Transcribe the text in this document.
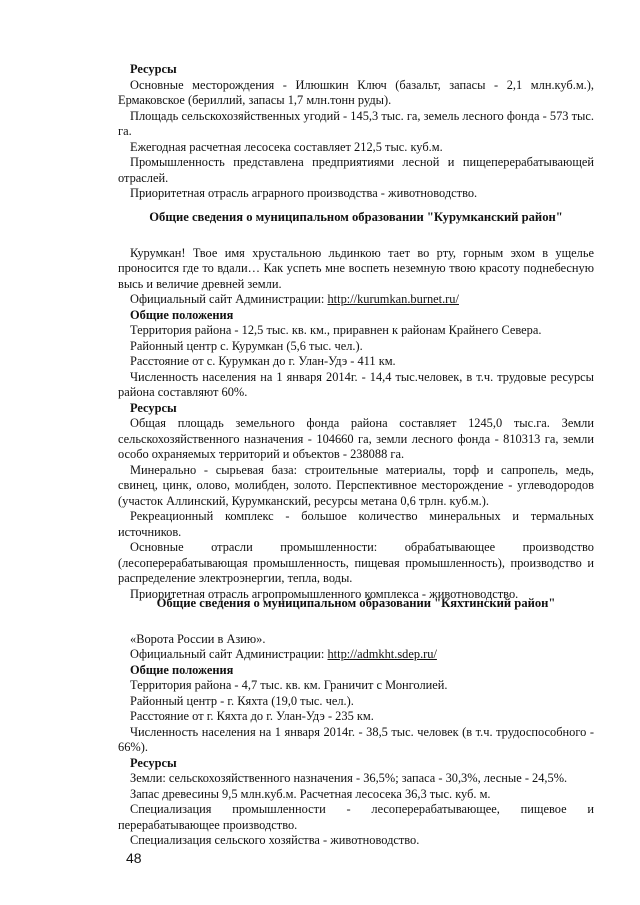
Ресурсы

Основные месторождения - Илюшкин Ключ (базальт, запасы - 2,1 млн.куб.м.), Ермаковское (бериллий, запасы 1,7 млн.тонн руды).

Площадь сельскохозяйственных угодий - 145,3 тыс. га, земель лесного фонда - 573 тыс. га.

Ежегодная расчетная лесосека составляет 212,5 тыс. куб.м.

Промышленность представлена предприятиями лесной и пищеперерабатывающей отраслей.

Приоритетная отрасль аграрного производства - животноводство.

Общие сведения о муниципальном образовании "Курумканский район"

Курумкан! Твое имя хрустальною льдинкою тает во рту, горным эхом в ущелье проносится где то вдали… Как успеть мне воспеть неземную твою красоту поднебесную высь и величие древней земли.

Официальный сайт Администрации: http://kurumkan.burnet.ru/

Общие положения

Территория района - 12,5 тыс. кв. км., приравнен к районам Крайнего Севера.

Районный центр с. Курумкан (5,6 тыс. чел.).

Расстояние от с. Курумкан до г. Улан-Удэ - 411 км.

Численность населения на 1 января 2014г. - 14,4 тыс.человек, в т.ч. трудовые ресурсы района составляют 60%.

Ресурсы

Общая площадь земельного фонда района составляет 1245,0 тыс.га. Земли сельскохозяйственного назначения - 104660 га, земли лесного фонда - 810313 га, земли особо охраняемых территорий и объектов - 238088 га.

Минерально - сырьевая база: строительные материалы, торф и сапропель, медь, свинец, цинк, олово, молибден, золото. Перспективное месторождение - углеводородов (участок Аллинский, Курумканский, ресурсы метана 0,6 трлн. куб.м.).

Рекреационный комплекс - большое количество минеральных и термальных источников.

Основные отрасли промышленности: обрабатывающее производство (лесоперерабатывающая промышленность, пищевая промышленность), производство и распределение электроэнергии, тепла, воды.

Приоритетная отрасль агропромышленного комплекса - животноводство.

Общие сведения о муниципальном образовании "Кяхтинский район"

«Ворота России в Азию».

Официальный сайт Администрации: http://admkht.sdep.ru/

Общие положения

Территория района - 4,7 тыс. кв. км. Граничит с Монголией.

Районный центр - г. Кяхта (19,0 тыс. чел.).

Расстояние от г. Кяхта до г. Улан-Удэ - 235 км.

Численность населения на 1 января 2014г. - 38,5 тыс. человек (в т.ч. трудоспособного - 66%).

Ресурсы

Земли: сельскохозяйственного назначения - 36,5%; запаса - 30,3%, лесные - 24,5%.

Запас древесины 9,5 млн.куб.м. Расчетная лесосека 36,3 тыс. куб. м.

Специализация промышленности - лесоперерабатывающее, пищевое и перерабатывающее производство.

Специализация сельского хозяйства - животноводство.

48
